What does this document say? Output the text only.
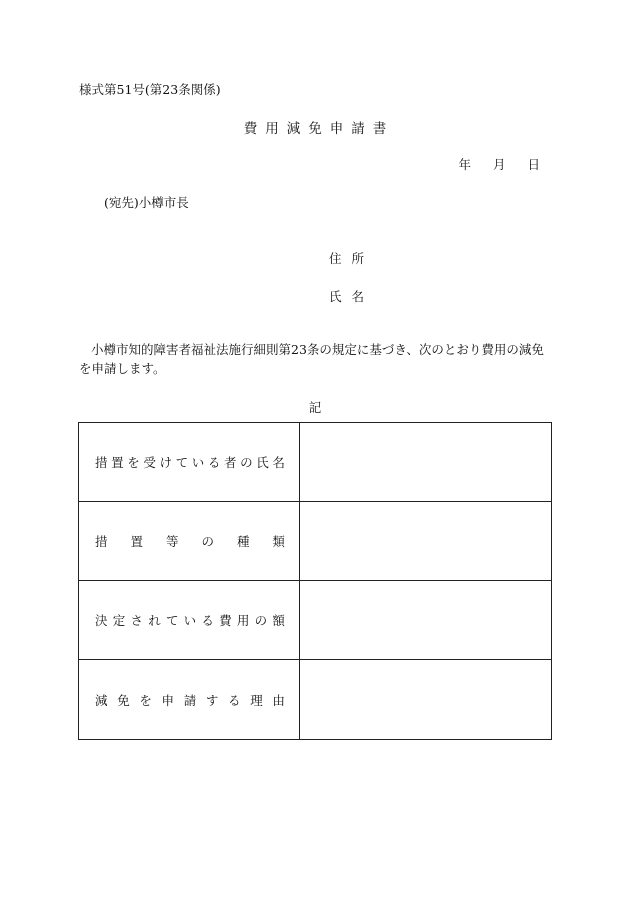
様式第51号(第23条関係)
費用減免申請書
年 月 日
(宛先)小樽市長
住所
氏名
小樽市知的障害者福祉法施行細則第23条の規定に基づき、次のとおり費用の減免を申請します。
記
措 置 を 受 け て い る 者 の 氏 名
措 置 等 の 種 類
決 定 さ れ て い る 費 用 の 額
減 免 を 申 請 す る 理 由
